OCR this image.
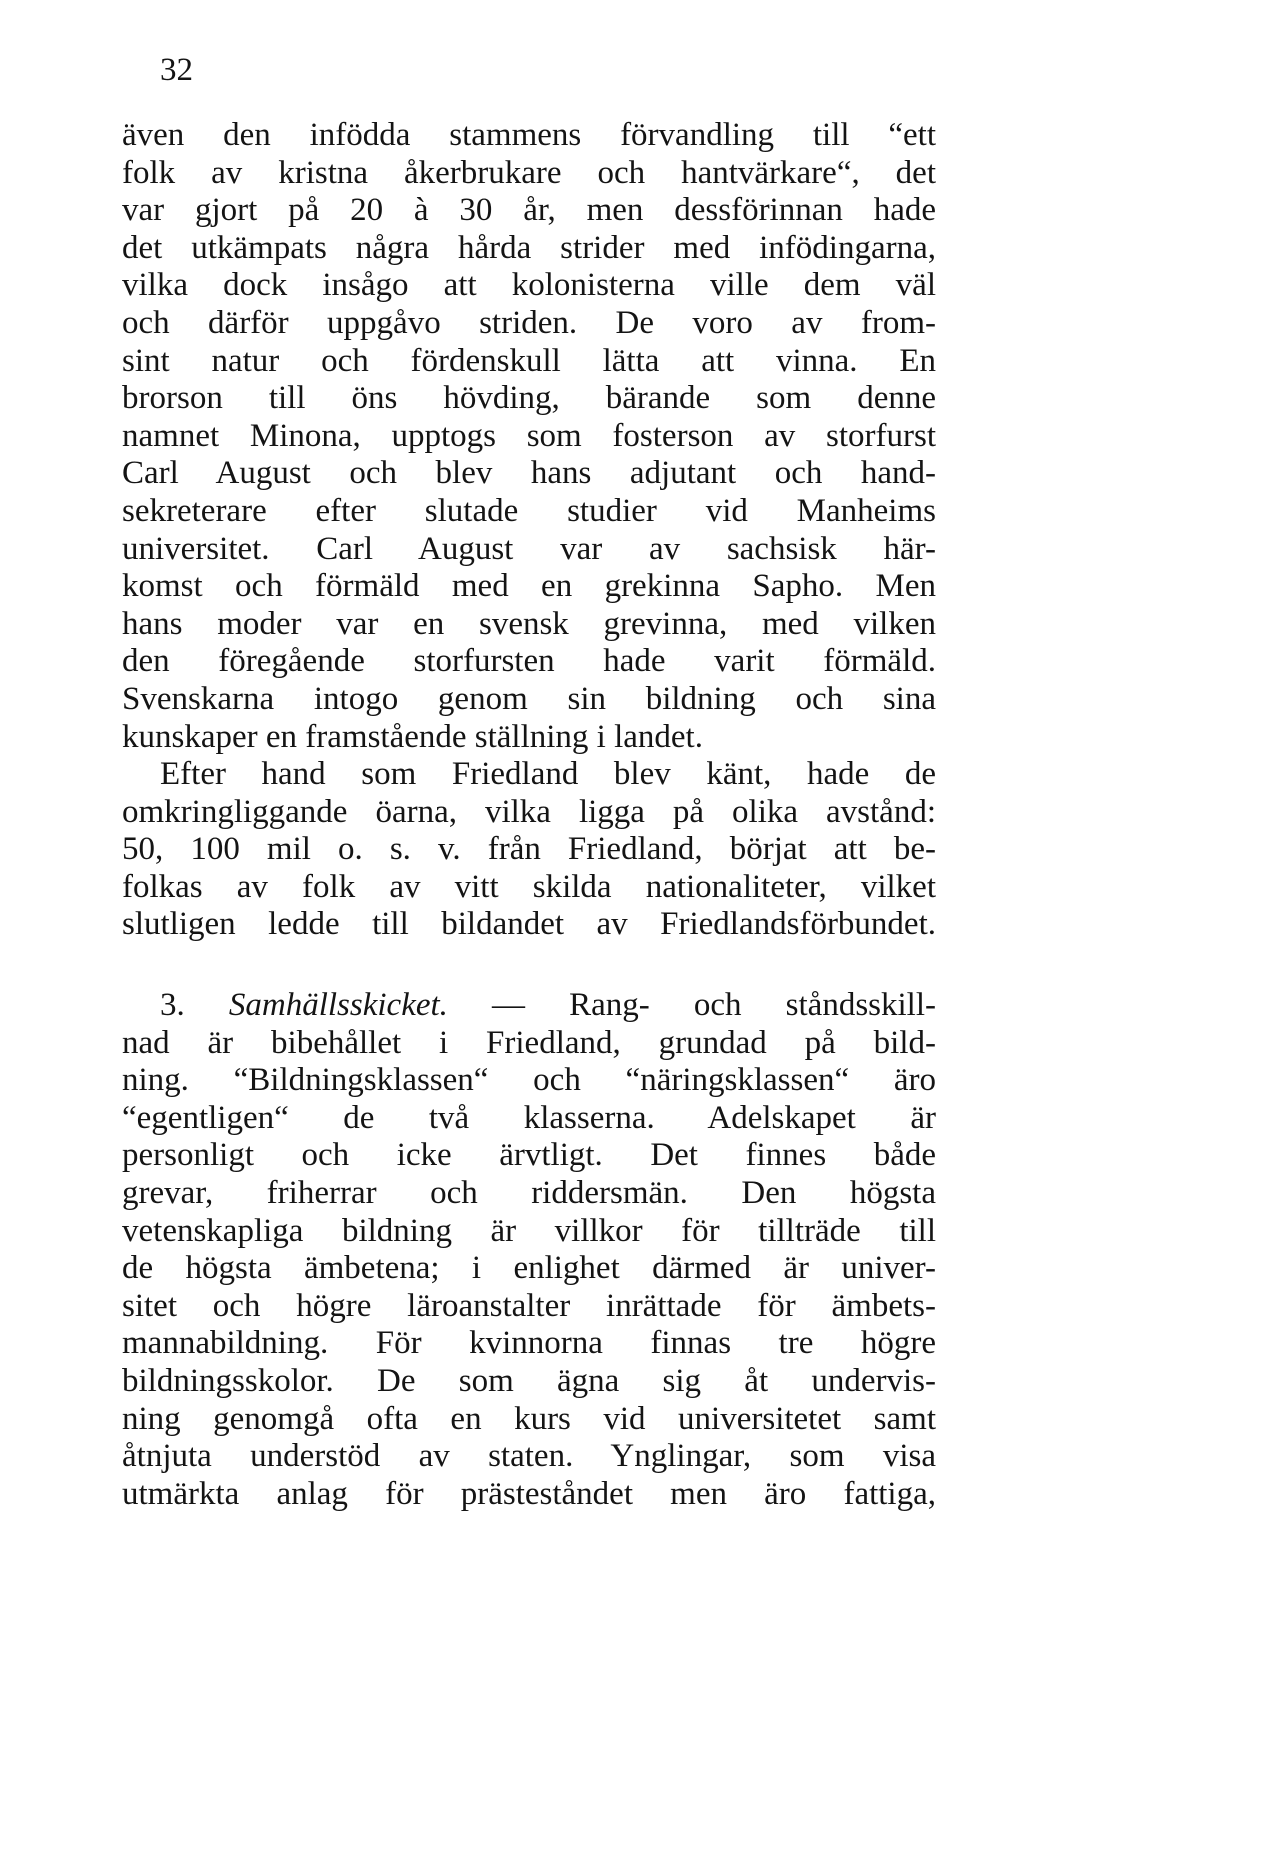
32
även den infödda stammens förvandling till “ett
folk av kristna åkerbrukare och hantvärkare“, det
var gjort på 20 à 30 år, men dessförinnan hade
det utkämpats några hårda strider med infödingarna,
vilka dock insågo att kolonisterna ville dem väl
och därför uppgåvo striden. De voro av from-
sint natur och fördenskull lätta att vinna. En
brorson till öns hövding, bärande som denne
namnet Minona, upptogs som fosterson av storfurst
Carl August och blev hans adjutant och hand-
sekreterare efter slutade studier vid Manheims
universitet. Carl August var av sachsisk här-
komst och förmäld med en grekinna Sapho. Men
hans moder var en svensk grevinna, med vilken
den föregående storfursten hade varit förmäld.
Svenskarna intogo genom sin bildning och sina
kunskaper en framstående ställning i landet.
Efter hand som Friedland blev känt, hade de
omkringliggande öarna, vilka ligga på olika avstånd:
50, 100 mil o. s. v. från Friedland, börjat att be-
folkas av folk av vitt skilda nationaliteter, vilket
slutligen ledde till bildandet av Friedlandsförbundet.
3. Samhällsskicket. — Rang- och ståndsskill-
nad är bibehållet i Friedland, grundad på bild-
ning. “Bildningsklassen“ och “näringsklassen“ äro
“egentligen“ de två klasserna. Adelskapet är
personligt och icke ärvtligt. Det finnes både
grevar, friherrar och riddersmän. Den högsta
vetenskapliga bildning är villkor för tillträde till
de högsta ämbetena; i enlighet därmed är univer-
sitet och högre läroanstalter inrättade för ämbets-
mannabildning. För kvinnorna finnas tre högre
bildningsskolor. De som ägna sig åt undervis-
ning genomgå ofta en kurs vid universitetet samt
åtnjuta understöd av staten. Ynglingar, som visa
utmärkta anlag för prästeståndet men äro fattiga,
